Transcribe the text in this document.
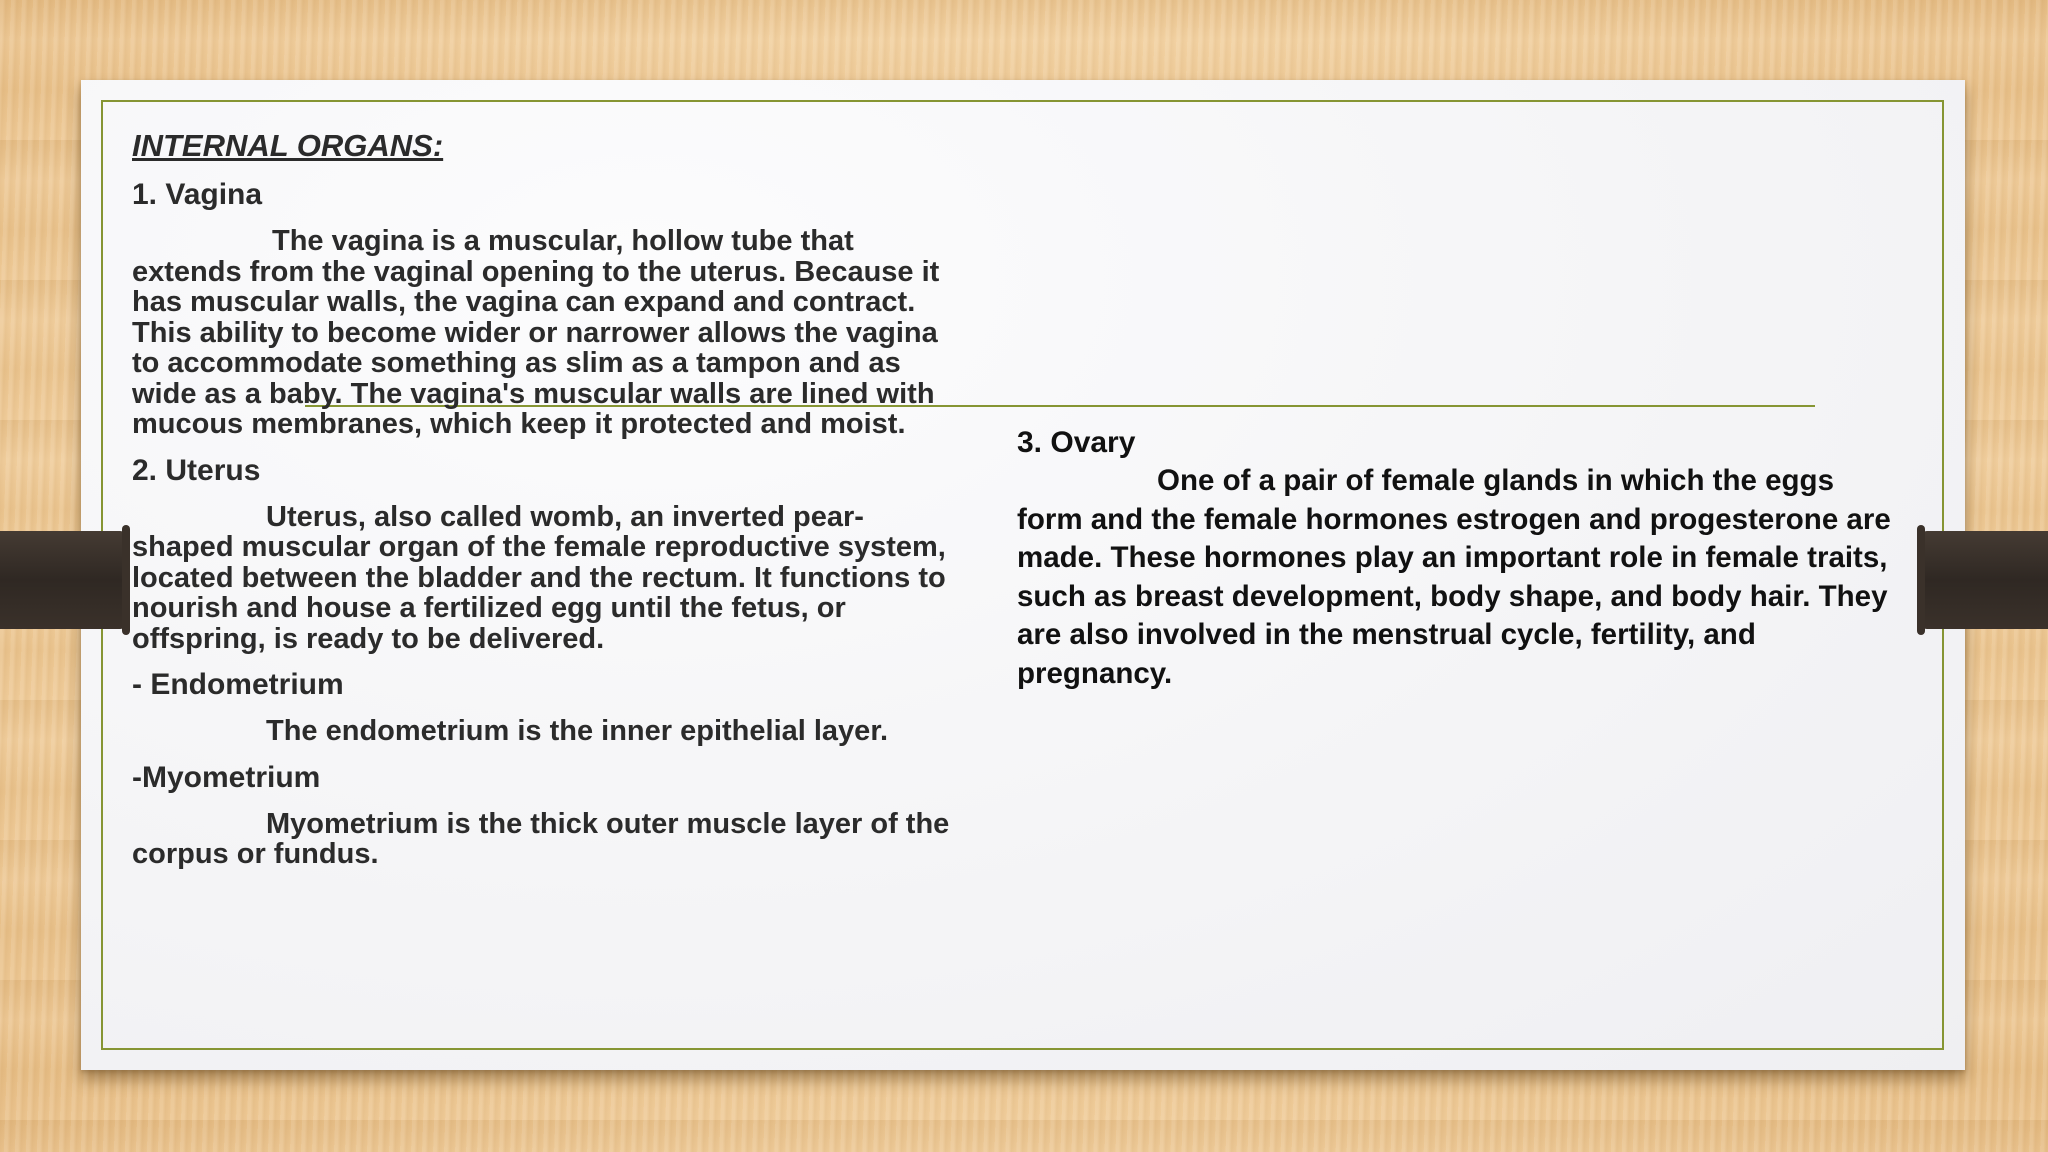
INTERNAL ORGANS:
1. Vagina
The vagina is a muscular, hollow tube that extends from the vaginal opening to the uterus. Because it has muscular walls, the vagina can expand and contract. This ability to become wider or narrower allows the vagina to accommodate something as slim as a tampon and as wide as a baby. The vagina's muscular walls are lined with mucous membranes, which keep it protected and moist.
2. Uterus
Uterus, also called womb, an inverted pear-shaped muscular organ of the female reproductive system, located between the bladder and the rectum. It functions to nourish and house a fertilized egg until the fetus, or offspring, is ready to be delivered.
- Endometrium
The endometrium is the inner epithelial layer.
-Myometrium
Myometrium is the thick outer muscle layer of the corpus or fundus.
3. Ovary
One of a pair of female glands in which the eggs form and the female hormones estrogen and progesterone are made. These hormones play an important role in female traits, such as breast development, body shape, and body hair. They are also involved in the menstrual cycle, fertility, and pregnancy.
